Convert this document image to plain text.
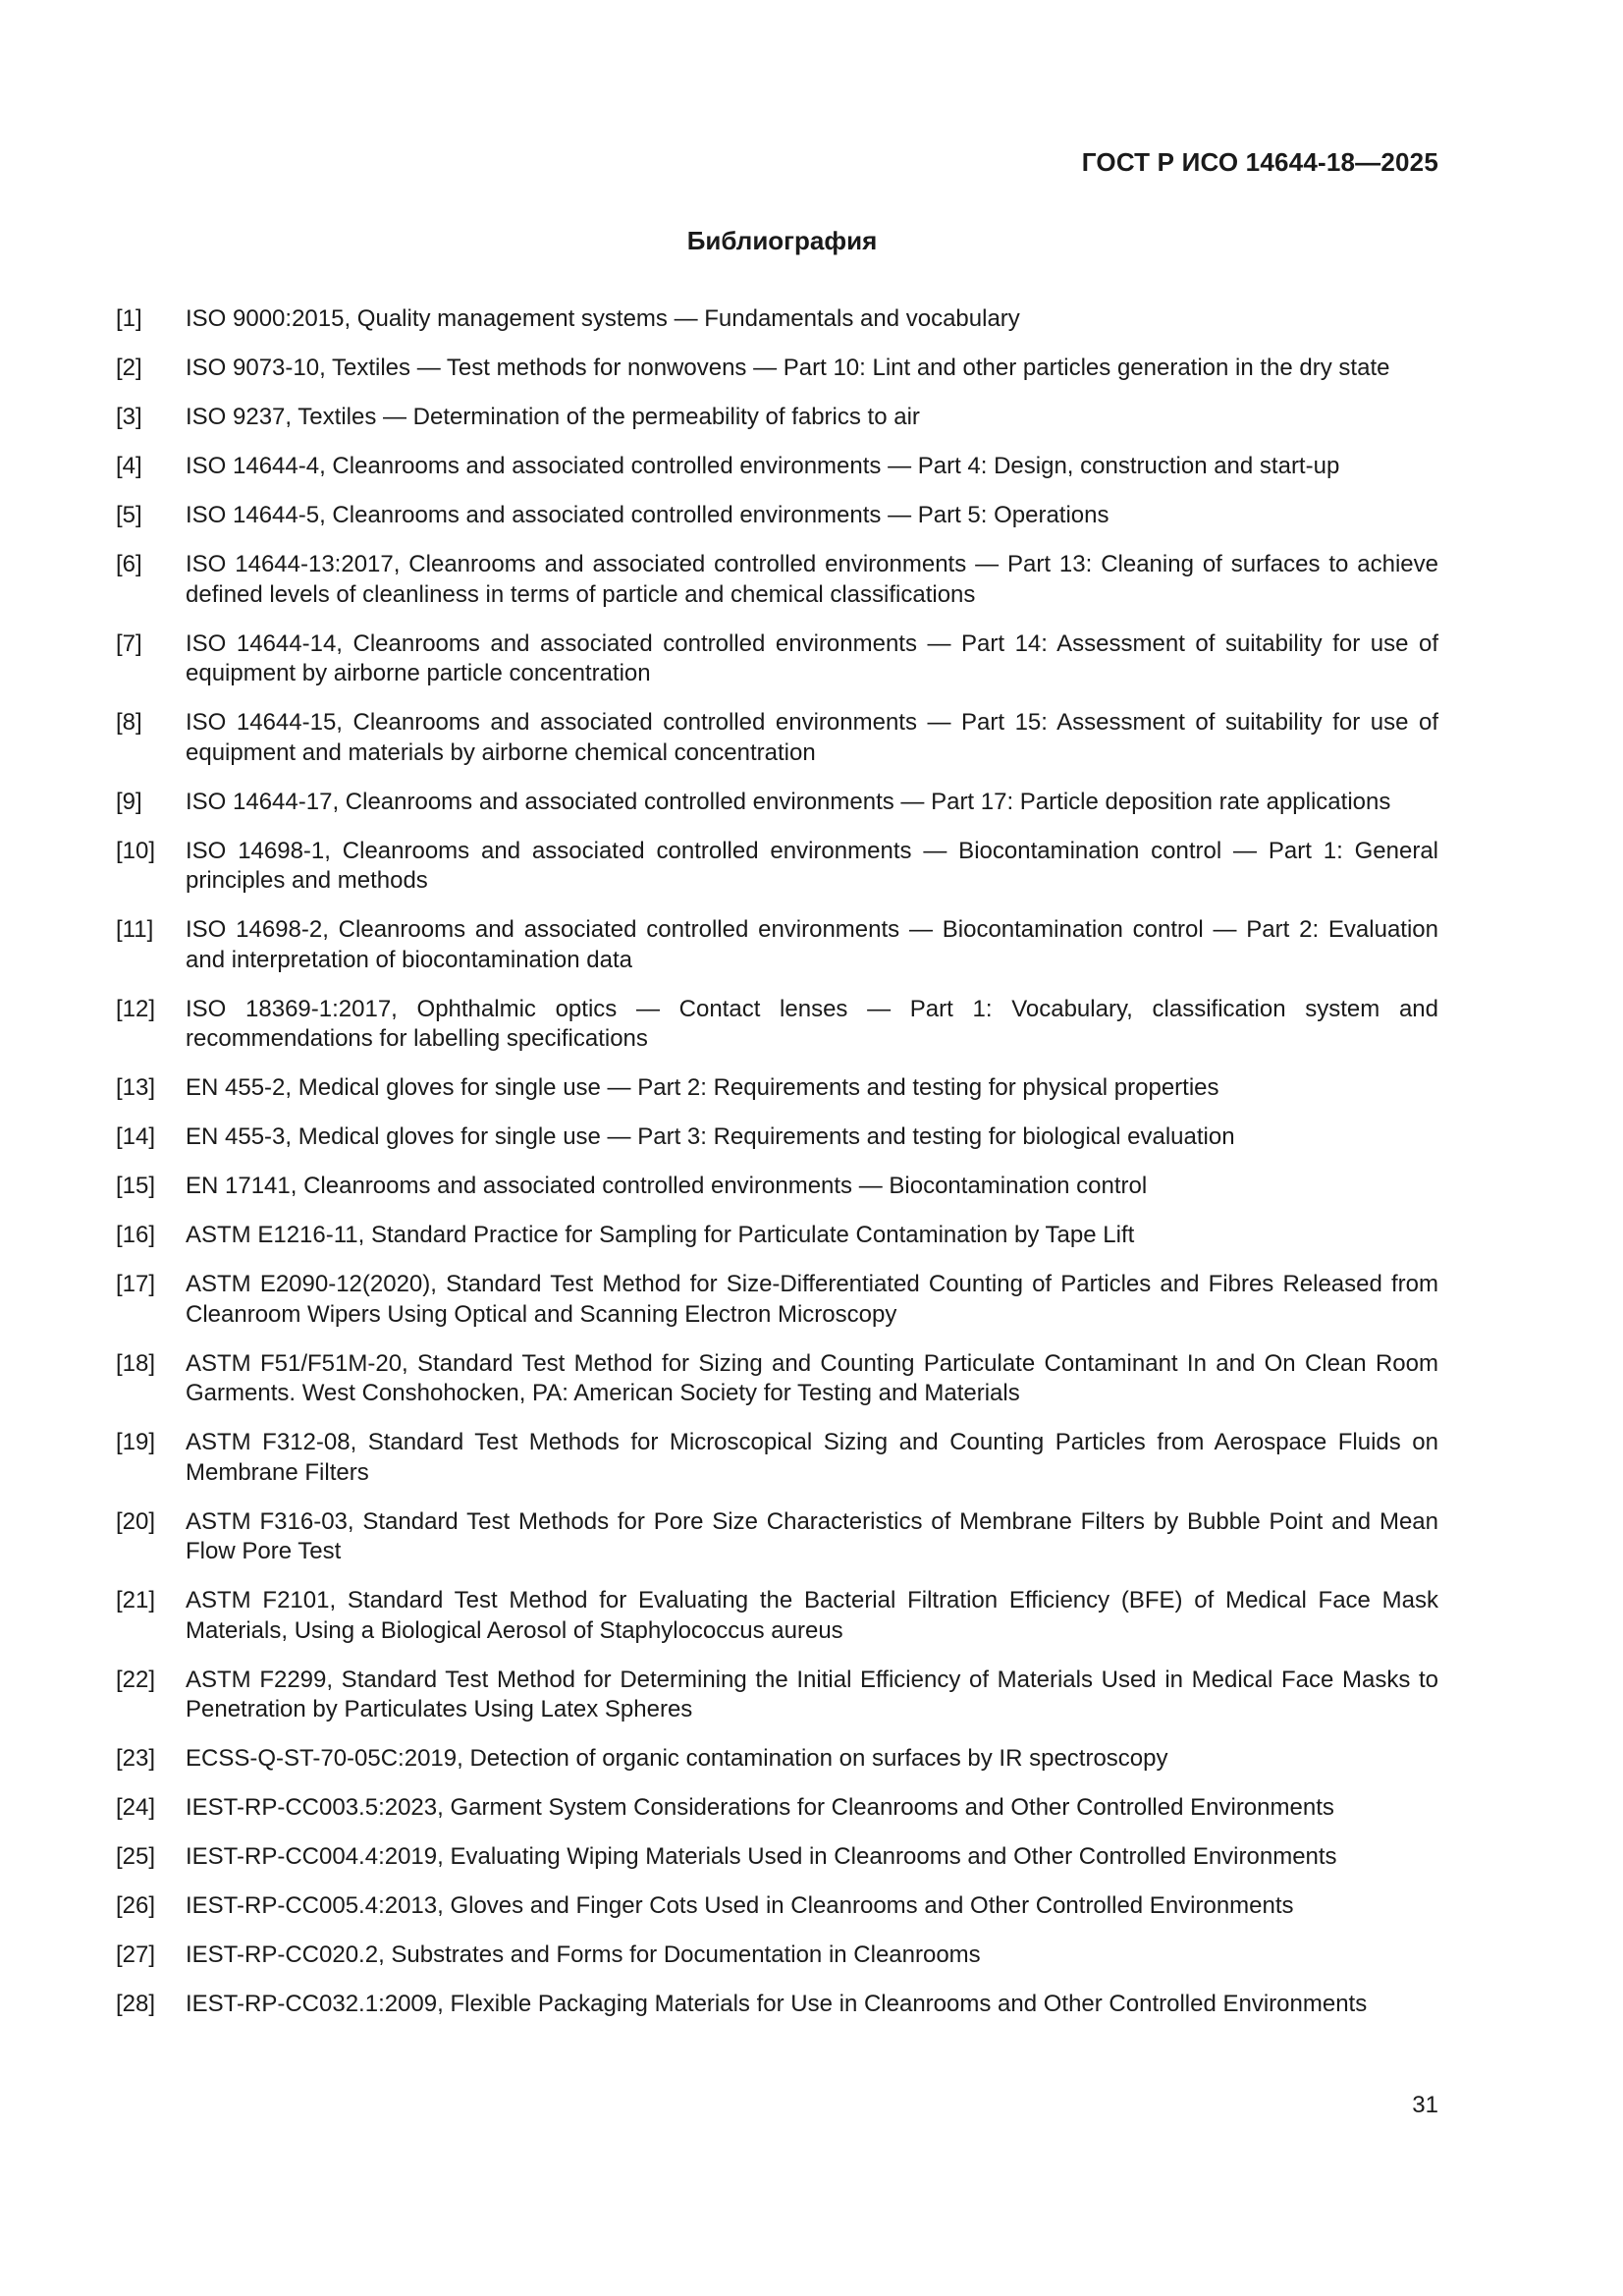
ГОСТ Р ИСО 14644-18—2025
Библиография
[1] ISO 9000:2015, Quality management systems — Fundamentals and vocabulary
[2] ISO 9073-10, Textiles — Test methods for nonwovens — Part 10: Lint and other particles generation in the dry state
[3] ISO 9237, Textiles — Determination of the permeability of fabrics to air
[4] ISO 14644-4, Cleanrooms and associated controlled environments — Part 4: Design, construction and start-up
[5] ISO 14644-5, Cleanrooms and associated controlled environments — Part 5: Operations
[6] ISO 14644-13:2017, Cleanrooms and associated controlled environments — Part 13: Cleaning of surfaces to achieve defined levels of cleanliness in terms of particle and chemical classifications
[7] ISO 14644-14, Cleanrooms and associated controlled environments — Part 14: Assessment of suitability for use of equipment by airborne particle concentration
[8] ISO 14644-15, Cleanrooms and associated controlled environments — Part 15: Assessment of suitability for use of equipment and materials by airborne chemical concentration
[9] ISO 14644-17, Cleanrooms and associated controlled environments — Part 17: Particle deposition rate applications
[10] ISO 14698-1, Cleanrooms and associated controlled environments — Biocontamination control — Part 1: General principles and methods
[11] ISO 14698-2, Cleanrooms and associated controlled environments — Biocontamination control — Part 2: Evaluation and interpretation of biocontamination data
[12] ISO 18369-1:2017, Ophthalmic optics — Contact lenses — Part 1: Vocabulary, classification system and recommendations for labelling specifications
[13] EN 455-2, Medical gloves for single use — Part 2: Requirements and testing for physical properties
[14] EN 455-3, Medical gloves for single use — Part 3: Requirements and testing for biological evaluation
[15] EN 17141, Cleanrooms and associated controlled environments — Biocontamination control
[16] ASTM E1216-11, Standard Practice for Sampling for Particulate Contamination by Tape Lift
[17] ASTM E2090-12(2020), Standard Test Method for Size-Differentiated Counting of Particles and Fibres Released from Cleanroom Wipers Using Optical and Scanning Electron Microscopy
[18] ASTM F51/F51M-20, Standard Test Method for Sizing and Counting Particulate Contaminant In and On Clean Room Garments. West Conshohocken, PA: American Society for Testing and Materials
[19] ASTM F312-08, Standard Test Methods for Microscopical Sizing and Counting Particles from Aerospace Fluids on Membrane Filters
[20] ASTM F316-03, Standard Test Methods for Pore Size Characteristics of Membrane Filters by Bubble Point and Mean Flow Pore Test
[21] ASTM F2101, Standard Test Method for Evaluating the Bacterial Filtration Efficiency (BFE) of Medical Face Mask Materials, Using a Biological Aerosol of Staphylococcus aureus
[22] ASTM F2299, Standard Test Method for Determining the Initial Efficiency of Materials Used in Medical Face Masks to Penetration by Particulates Using Latex Spheres
[23] ECSS-Q-ST-70-05C:2019, Detection of organic contamination on surfaces by IR spectroscopy
[24] IEST-RP-CC003.5:2023, Garment System Considerations for Cleanrooms and Other Controlled Environments
[25] IEST-RP-CC004.4:2019, Evaluating Wiping Materials Used in Cleanrooms and Other Controlled Environments
[26] IEST-RP-CC005.4:2013, Gloves and Finger Cots Used in Cleanrooms and Other Controlled Environments
[27] IEST-RP-CC020.2, Substrates and Forms for Documentation in Cleanrooms
[28] IEST-RP-CC032.1:2009, Flexible Packaging Materials for Use in Cleanrooms and Other Controlled Environments
31
